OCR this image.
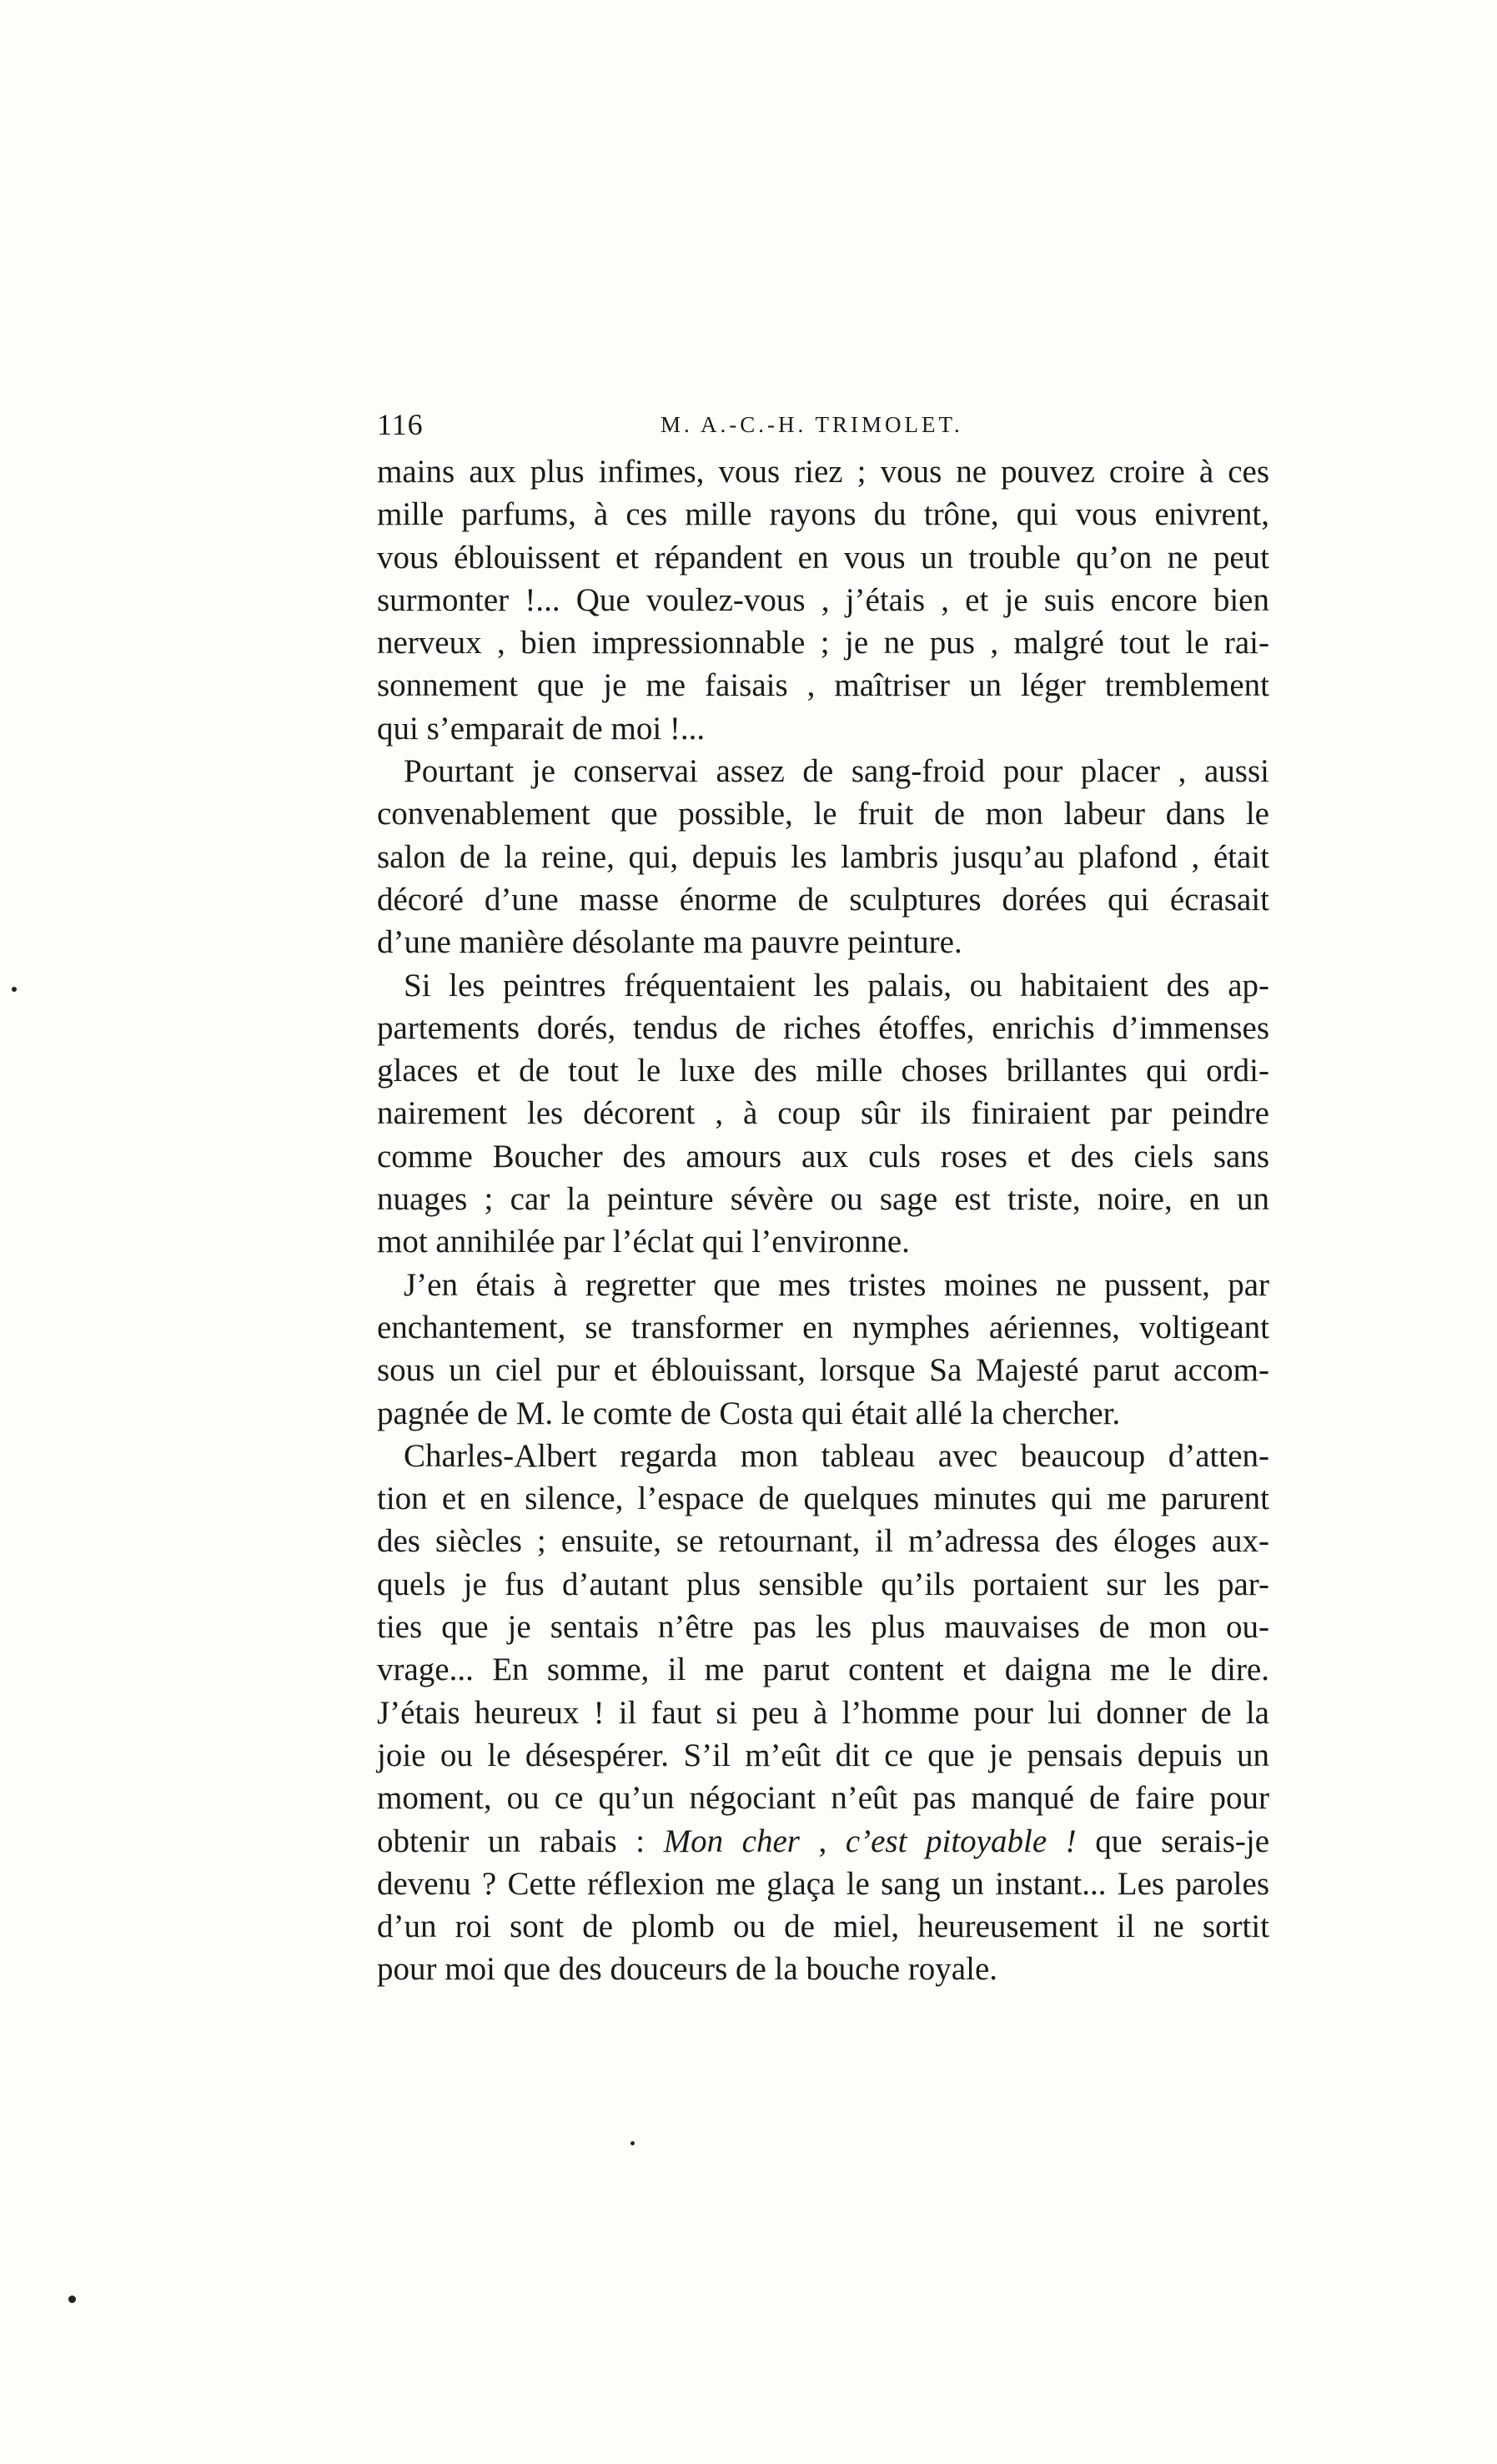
116	M. A.-C.-H. TRIMOLET.
mains aux plus infimes, vous riez ; vous ne pouvez croire à ces
mille parfums, à ces mille rayons du trône, qui vous enivrent,
vous éblouissent et répandent en vous un trouble qu’on ne peut
surmonter !... Que voulez-vous , j’étais , et je suis encore bien
nerveux , bien impressionnable ; je ne pus , malgré tout le rai-
sonnement que je me faisais , maîtriser un léger tremblement
qui s’emparait de moi !...
Pourtant je conservai assez de sang-froid pour placer , aussi
convenablement que possible, le fruit de mon labeur dans le
salon de la reine, qui, depuis les lambris jusqu’au plafond , était
décoré d’une masse énorme de sculptures dorées qui écrasait
d’une manière désolante ma pauvre peinture.
Si les peintres fréquentaient les palais, ou habitaient des ap-
partements dorés, tendus de riches étoffes, enrichis d’immenses
glaces et de tout le luxe des mille choses brillantes qui ordi-
nairement les décorent , à coup sûr ils finiraient par peindre
comme Boucher des amours aux culs roses et des ciels sans
nuages ; car la peinture sévère ou sage est triste, noire, en un
mot annihilée par l’éclat qui l’environne.
J’en étais à regretter que mes tristes moines ne pussent, par
enchantement, se transformer en nymphes aériennes, voltigeant
sous un ciel pur et éblouissant, lorsque Sa Majesté parut accom-
pagnée de M. le comte de Costa qui était allé la chercher.
Charles-Albert regarda mon tableau avec beaucoup d’atten-
tion et en silence, l’espace de quelques minutes qui me parurent
des siècles ; ensuite, se retournant, il m’adressa des éloges aux-
quels je fus d’autant plus sensible qu’ils portaient sur les par-
ties que je sentais n’être pas les plus mauvaises de mon ou-
vrage... En somme, il me parut content et daigna me le dire.
J’étais heureux ! il faut si peu à l’homme pour lui donner de la
joie ou le désespérer. S’il m’eût dit ce que je pensais depuis un
moment, ou ce qu’un négociant n’eût pas manqué de faire pour
obtenir un rabais : Mon cher , c’est pitoyable ! que serais-je
devenu ? Cette réflexion me glaça le sang un instant... Les paroles
d’un roi sont de plomb ou de miel, heureusement il ne sortit
pour moi que des douceurs de la bouche royale.
